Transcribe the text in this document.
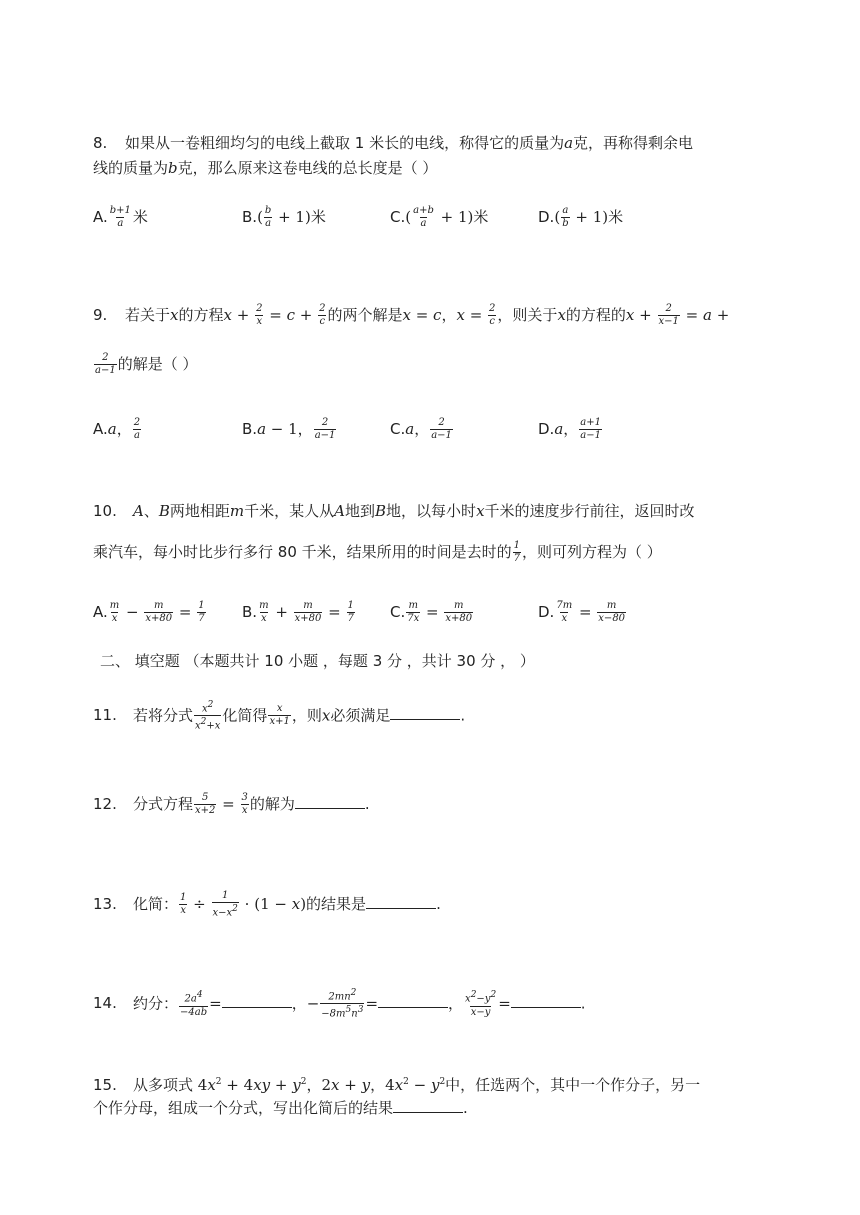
8. 如果从一卷粗细均匀的电线上截取 1 米长的电线，称得它的质量为a克，再称得剩余电
线的质量为b克，那么原来这卷电线的总长度是（ ）
A. $\frac{b+1}{a}$ 米	$B.( \frac{b}{a} + 1)$米	$C.( \frac{a+b}{a} + 1)$米	$D.( \frac{a}{b} + 1)$米
9. 若关于x的方程$x + \frac{2}{x} = c + \frac{2}{c}$ 的两个解是x = c，$x = \frac{2}{c}$ ，则关于x的方程的$x + \frac{2}{x-1} = a$ +
$\frac{2}{a-1}$ 的解是（ ）
A.a， $\frac{2}{a}$	B.a − 1， $\frac{2}{a-1}$	C.a， $\frac{2}{a-1}$	D.a， $\frac{a+1}{a-1}$
10. A、B两地相距m千米，某人从A地到B地，以每小时x千米的速度步行前往，返回时改
乘汽车，每小时比步行多行 80 千米，结果所用的时间是去时的 $\frac{1}{7}$ ，则可列方程为（ ）
A. $\frac{m}{x} - \frac{m}{x+80} = \frac{1}{7} B$. $\frac{m}{x} + \frac{m}{x+80} = \frac{1}{7} C$. $\frac{m}{7x} = \frac{m}{x+80}$	D. $\frac{7m}{x} = \frac{m}{x-80}$
二、 填空题 （本题共计 10 小题 ，每题 3 分 ，共计 30 分 ， ）
11. 若将分式 $\frac{x^2}{x^2+x}$ 化简得 $\frac{x}{x+1}$ ，则x必须满足	.
12. 分式方程 $\frac{5}{x+2} = \frac{3}{x}$ 的解为	.
13. 化简： $\frac{1}{x} \div \frac{1}{x-x^2} \cdot (1 - x)$的结果是	.
14. 约分： $\frac{2a^4}{-4ab}$ =	，− $\frac{2mn^2}{-8m^5n^3}$ =	， $\frac{x^2-y^2}{x-y}$ =	.
15. 从多项式 $4x^2 + 4xy + y^2$，2x + y，$4x^2 - y^2$中，任选两个，其中一个作分子，另一
个作分母，组成一个分式，写出化简后的结果	.
